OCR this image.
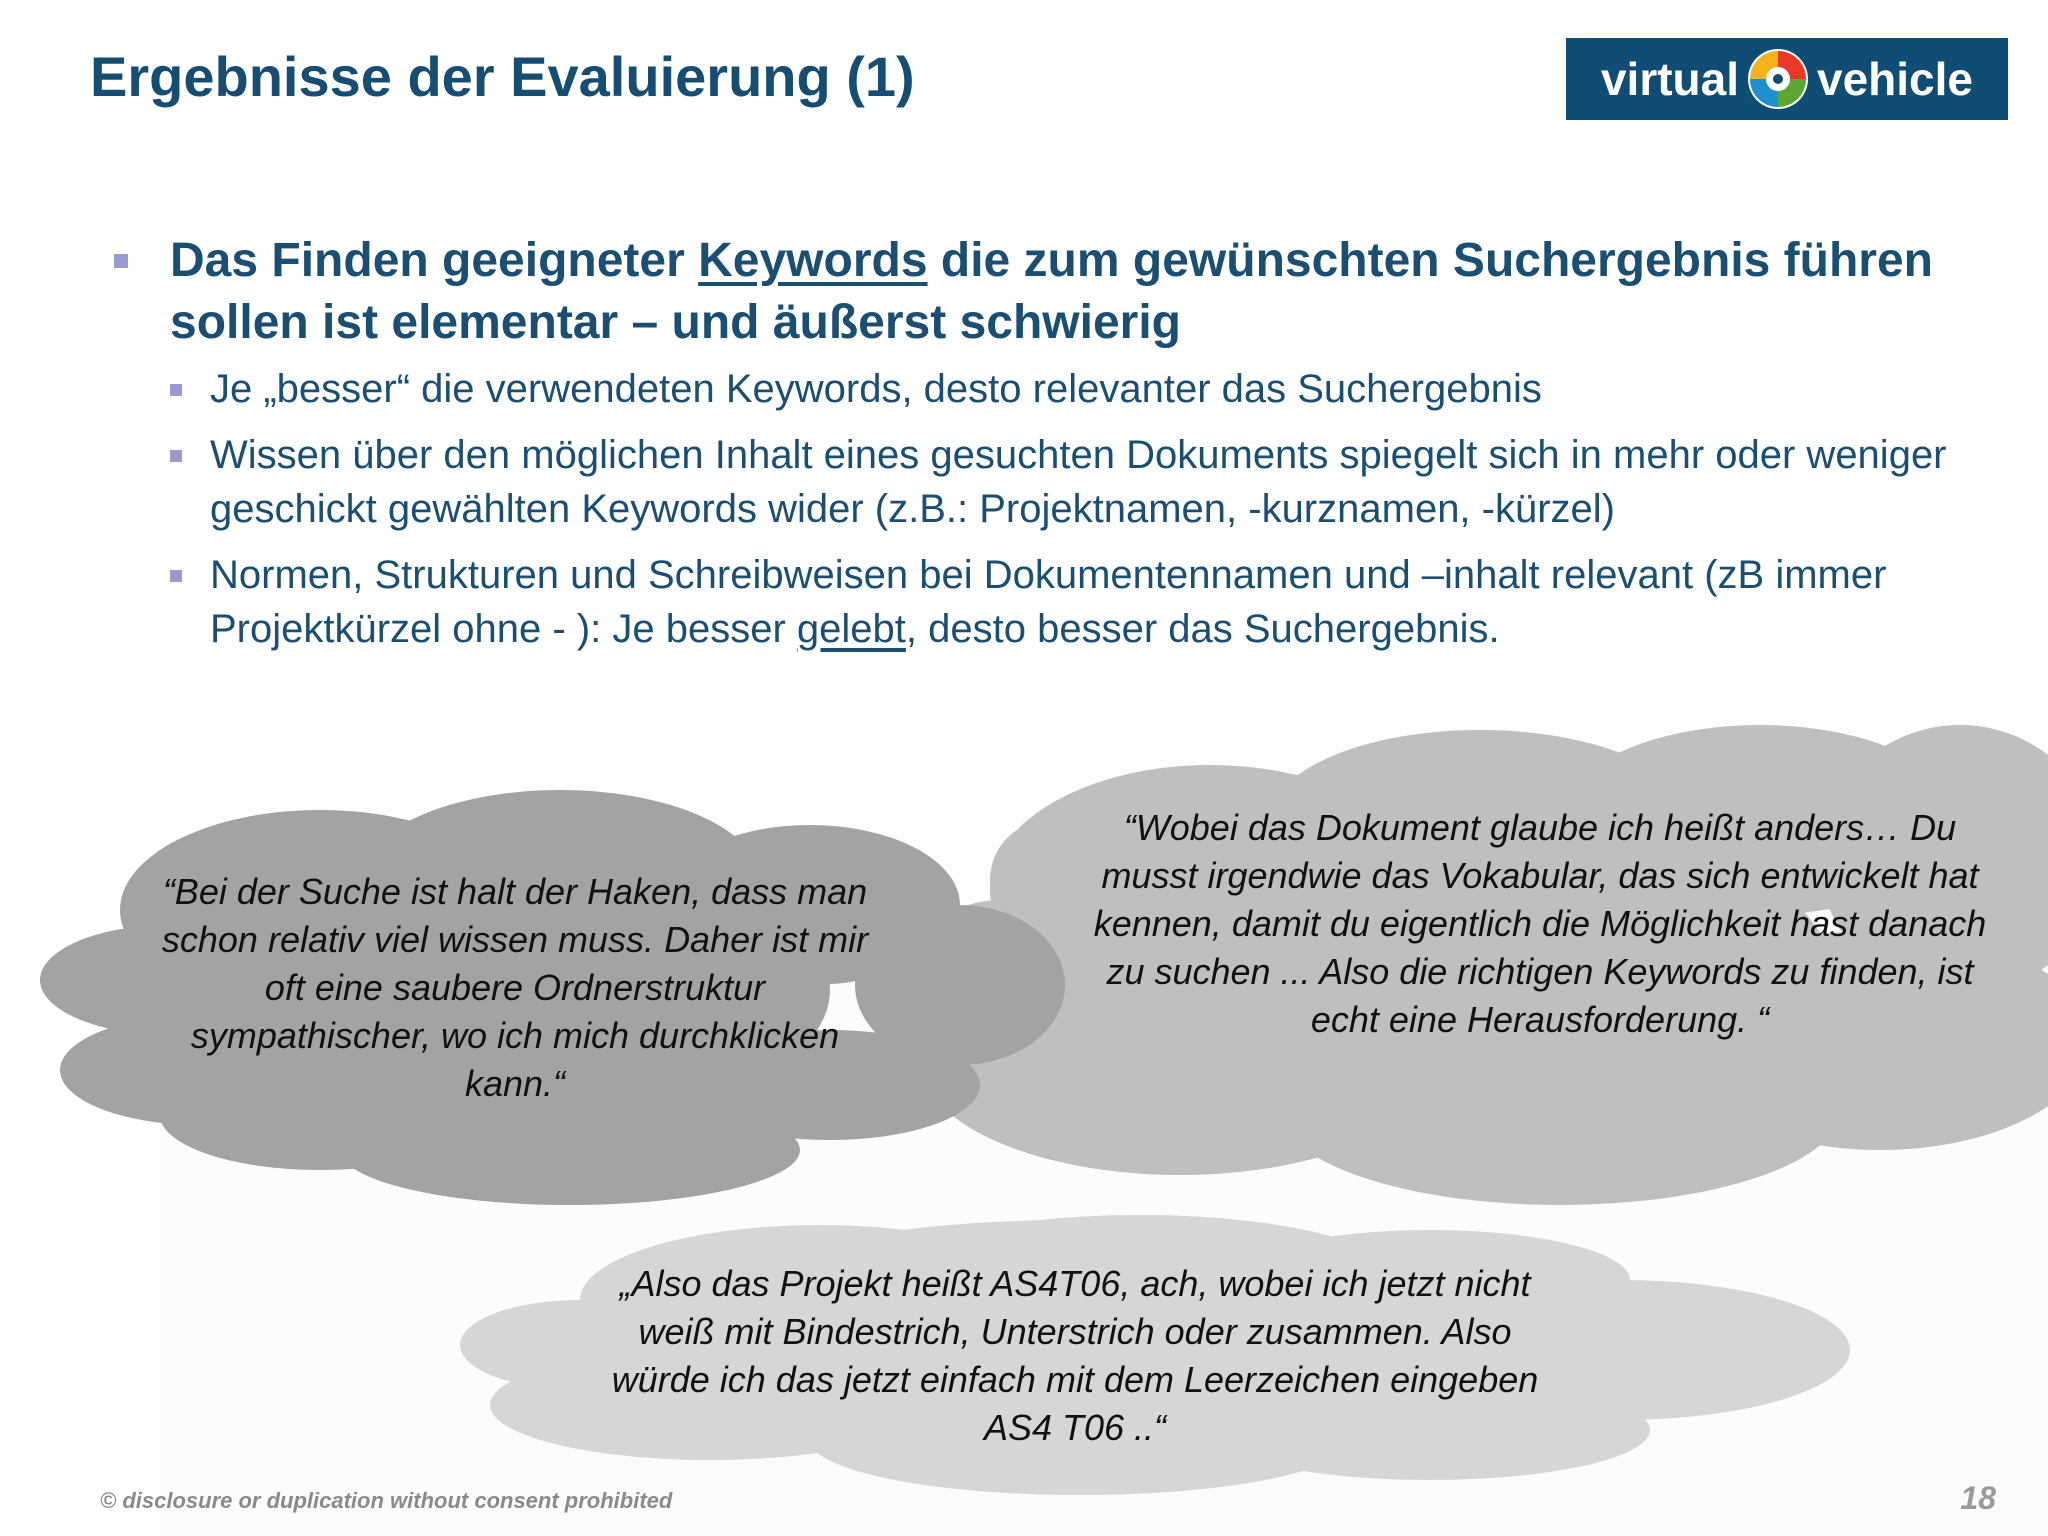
Ergebnisse der Evaluierung (1)	virtual vehicle
Das Finden geeigneter Keywords die zum gewünschten Suchergebnis führen sollen ist elementar – und äußerst schwierig
Je „besser“ die verwendeten Keywords, desto relevanter das Suchergebnis
Wissen über den möglichen Inhalt eines gesuchten Dokuments spiegelt sich in mehr oder weniger geschickt gewählten Keywords wider (z.B.: Projektnamen, -kurznamen, -kürzel)
Normen, Strukturen und Schreibweisen bei Dokumentennamen und –inhalt relevant (zB immer Projektkürzel ohne - ): Je besser gelebt, desto besser das Suchergebnis.
“Bei der Suche ist halt der Haken, dass man schon relativ viel wissen muss. Daher ist mir oft eine saubere Ordnerstruktur sympathischer, wo ich mich durchklicken kann.“
“Wobei das Dokument glaube ich heißt anders… Du musst irgendwie das Vokabular, das sich entwickelt hat kennen, damit du eigentlich die Möglichkeit hast danach zu suchen ... Also die richtigen Keywords zu finden, ist echt eine Herausforderung. “
„Also das Projekt heißt AS4T06, ach, wobei ich jetzt nicht weiß mit Bindestrich, Unterstrich oder zusammen. Also würde ich das jetzt einfach mit dem Leerzeichen eingeben AS4 T06 ..“
© disclosure or duplication without consent prohibited	18
